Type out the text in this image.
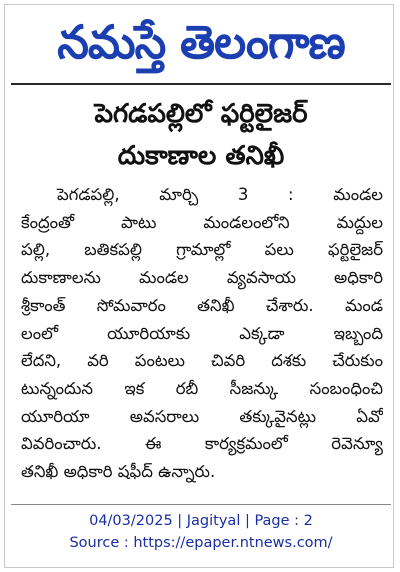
నమస్తే తెలంగాణ
పెగడపల్లిలో ఫర్టిలైజర్
దుకాణాల తనిఖీ
పెగడపల్లి, మార్చి 3 : మండల
కేంద్రంతో పాటు మండలంలోని మద్దుల
పల్లి, బతికపల్లి గ్రామాల్లో పలు ఫర్టిలైజర్
దుకాణాలను మండల వ్యవసాయ అధికారి
శ్రీకాంత్ సోమవారం తనిఖీ చేశారు. మండ
లంలో యూరియాకు ఎక్కడా ఇబ్బంది
లేదని, వరి పంటలు చివరి దశకు చేరుకుం
టున్నందున ఇక రబీ సీజన్కు సంబంధించి
యూరియా అవసరాలు తక్కువైనట్లు ఏవో
వివరించారు. ఈ కార్యక్రమంలో రెవెన్యూ
తనిఖీ అధికారి షఫీద్ ఉన్నారు.
04/03/2025 | Jagityal | Page : 2
Source : https://epaper.ntnews.com/
